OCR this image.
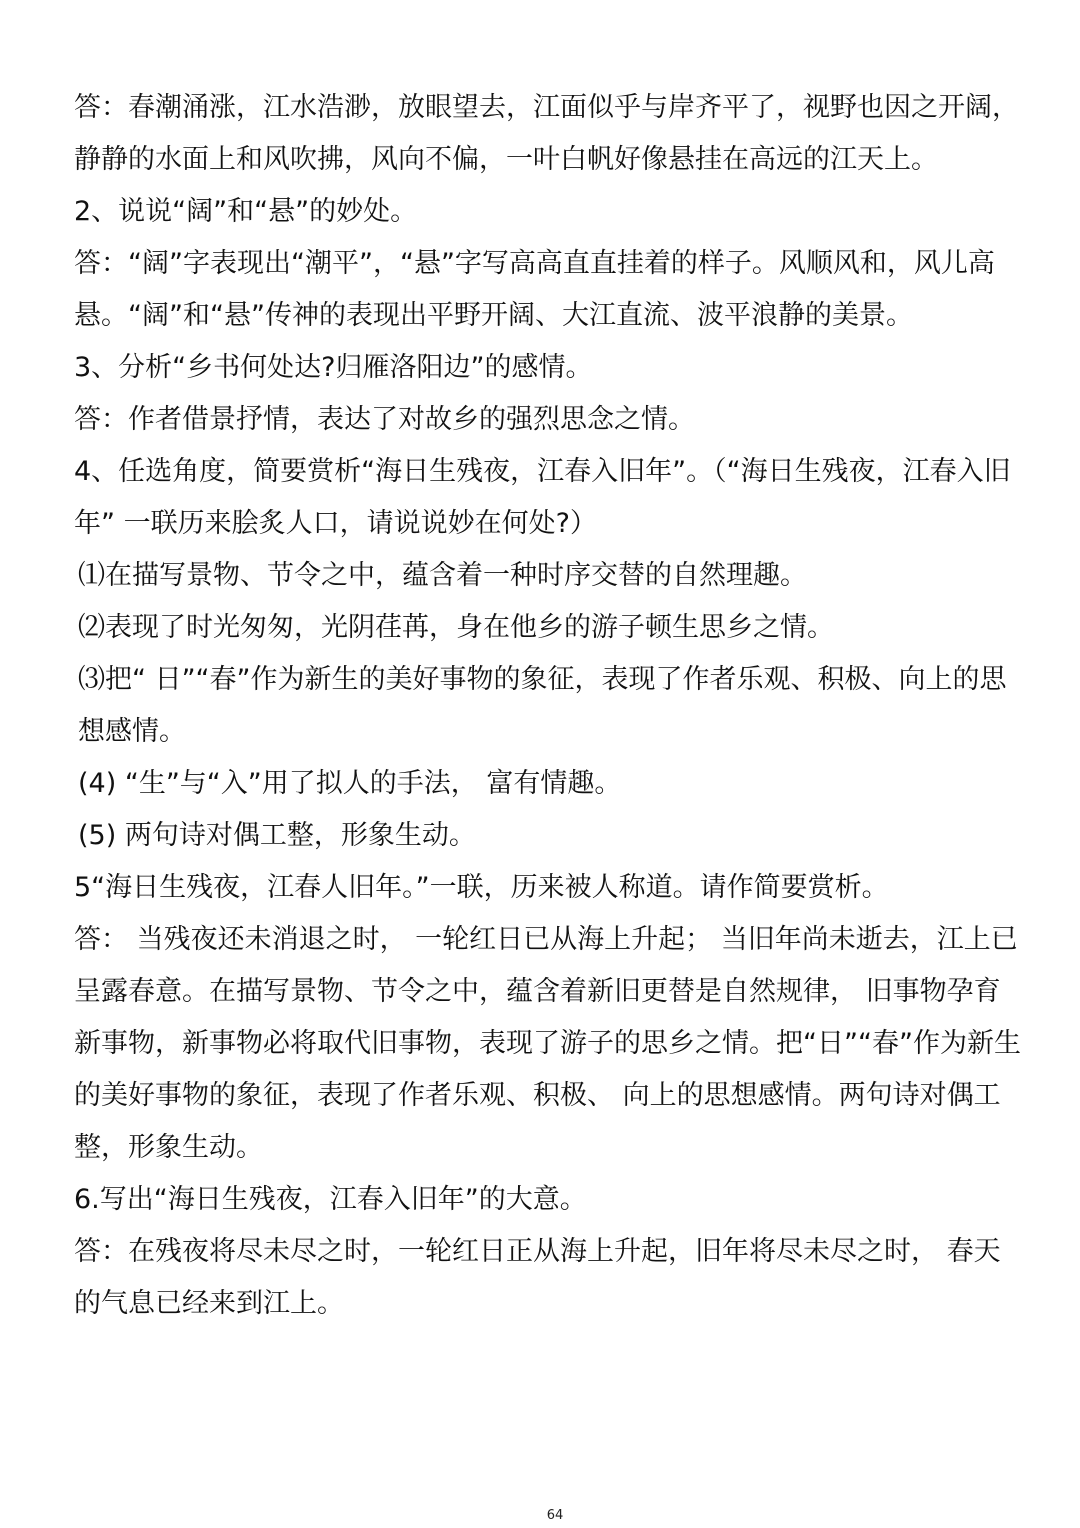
答：春潮涌涨，江水浩渺，放眼望去，江面似乎与岸齐平了，视野也因之开阔，静静的水面上和风吹拂，风向不偏，一叶白帆好像悬挂在高远的江天上。

2、说说“阔”和“悬”的妙处。

答：“阔”字表现出“潮平”，“悬”字写高高直直挂着的样子。风顺风和，风儿高悬。“阔”和“悬”传神的表现出平野开阔、大江直流、波平浪静的美景。

3、分析“乡书何处达?归雁洛阳边”的感情。

答：作者借景抒情，表达了对故乡的强烈思念之情。

4、任选角度，简要赏析“海日生残夜，江春入旧年”。（“海日生残夜，江春入旧年” 一联历来脍炙人口，请说说妙在何处?）

⑴在描写景物、节令之中，蕴含着一种时序交替的自然理趣。

⑵表现了时光匆匆，光阴荏苒，身在他乡的游子顿生思乡之情。

⑶把“ 日”“春”作为新生的美好事物的象征，表现了作者乐观、积极、向上的思想感情。

(4) “生”与“入”用了拟人的手法， 富有情趣。

(5) 两句诗对偶工整，形象生动。

5“海日生残夜，江春人旧年。”一联，历来被人称道。请作简要赏析。

答： 当残夜还未消退之时， 一轮红日已从海上升起； 当旧年尚未逝去，江上已呈露春意。在描写景物、节令之中，蕴含着新旧更替是自然规律， 旧事物孕育新事物，新事物必将取代旧事物，表现了游子的思乡之情。把“日”“春”作为新生的美好事物的象征，表现了作者乐观、积极、 向上的思想感情。两句诗对偶工整，形象生动。

6.写出“海日生残夜，江春入旧年”的大意。

答：在残夜将尽未尽之时，一轮红日正从海上升起，旧年将尽未尽之时， 春天的气息已经来到江上。

64
